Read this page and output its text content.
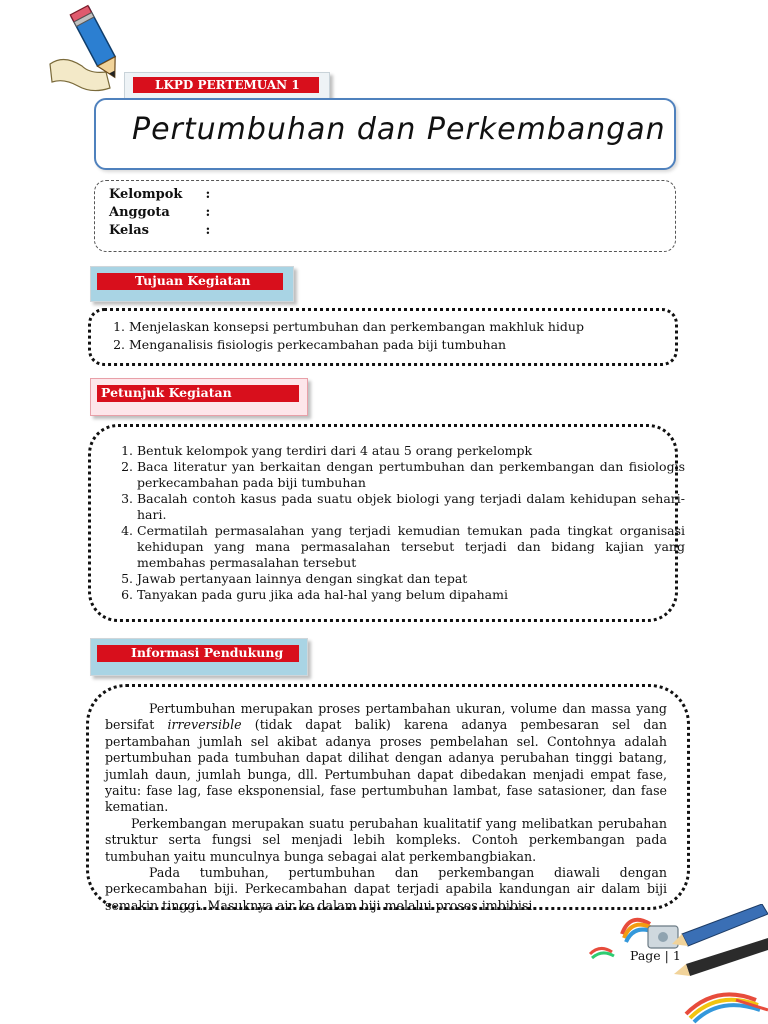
LKPD PERTEMUAN 1
Pertumbuhan dan Perkembangan
Kelompok :
Anggota	:
Kelas	:
Tujuan Kegiatan
1. Menjelaskan konsepsi pertumbuhan dan perkembangan makhluk hidup
2. Menganalisis fisiologis perkecambahan pada biji tumbuhan
Petunjuk Kegiatan
1. Bentuk kelompok yang terdiri dari 4 atau 5 orang perkelompk
2. Baca literatur yan berkaitan dengan pertumbuhan dan perkembangan dan fisiologis perkecambahan pada biji tumbuhan
3. Bacalah contoh kasus pada suatu objek biologi yang terjadi dalam kehidupan sehari-hari.
4. Cermatilah permasalahan yang terjadi kemudian temukan pada tingkat organisasi kehidupan yang mana permasalahan tersebut terjadi dan bidang kajian yang membahas permasalahan tersebut
5. Jawab pertanyaan lainnya dengan singkat dan tepat
6. Tanyakan pada guru jika ada hal-hal yang belum dipahami
Informasi Pendukung

Pertumbuhan merupakan proses pertambahan ukuran, volume dan massa yang bersifat irreversible (tidak dapat balik) karena adanya pembesaran sel dan pertambahan jumlah sel akibat adanya proses pembelahan sel. Contohnya adalah pertumbuhan pada tumbuhan dapat dilihat dengan adanya perubahan tinggi batang, jumlah daun, jumlah bunga, dll. Pertumbuhan dapat dibedakan menjadi empat fase, yaitu: fase lag, fase eksponensial, fase pertumbuhan lambat, fase satasioner, dan fase kematian.

Perkembangan merupakan suatu perubahan kualitatif yang melibatkan perubahan struktur serta fungsi sel menjadi lebih kompleks. Contoh perkembangan pada tumbuhan yaitu munculnya bunga sebagai alat perkembangbiakan.

Pada tumbuhan, pertumbuhan dan perkembangan diawali dengan perkecambahan biji. Perkecambahan dapat terjadi apabila kandungan air dalam biji semakin tinggi. Masuknya air ke dalam biji melalui proses imbibisi.

Page | 1
